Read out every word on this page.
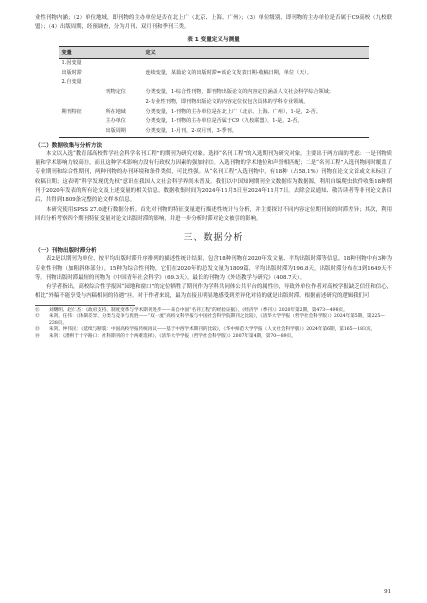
业性刊物内涵；（2）单位地域，即刊物的主办单位是否在北上广（北京、上海、广州）；（3）单位级别，即刊物的主办单位是否属于C9高校（九校联盟）；（4）出版周期，经预调查，分为月刊、双月刊和季刊三类。

表 1 变量定义与测量
变量		定义
1.因变量		
出版时滞		连续变量，某篇论文的出版时滞=该论文发表日期-收稿日期，单位（天）。
2.自变量		
	刊物定位	分类变量，1-综合性刊物，即刊物出版论文的内容定位涵盖人文社会科学综合领域；
		2-专业性刊物，即刊物出版论文的内容定位仅包含具体的学科专业领域。
期刊特征	所在地域	分类变量，1-刊物的主办单位是在北上广（北京、上海、广州），1-是，2-否。
	主办单位	分类变量，1-刊物的主办单位是否属于C9（九校联盟），1-是，2-否。
	出版周期	分类变量，1-月刊，2-双月刊，3-季刊。
（二）数据收集与分析方法

本文以入选“教育部高校哲学社会科学名刊工程”的期刊为研究对象。选择“名刊工程”的入选期刊为研究对象，主要出于两方面的考虑：一是刊物质量和学术影响力较高⑪，而且这种学术影响力没有行政权力因素的强加持⑫。入选刊物的学术地位和声誉相匹配；二是“名刊工程”入选刊物同时覆盖了专业期刊和综合性期刊，两种刊物的办刊环境和条件类似，可比性强。从“名刊工程”入选刊物中，有18种（占58.1%）刊物在论文文首或文末标注了收稿日期；这表明“科学发现优先权”意识在我国人文社会科学界尚未普及。我们以中国知网期刊全文数据库为数据源，利用自编爬虫软件收集18种期刊于2020年发表的所有论文及上述变量的相关信息。数据收集时间为2024年11月5日至2024年11月7日。去除会议通知、敬告读者等非刊论文条目后，共得到1809条完整的论文样本信息。

本研究使用SPSS 27.0进行数据分析。首先对刊物的特征变量进行描述性统计与分析，并主要探讨不同内容定位期刊间的时滞差异；其次，利用回归分析考察四个期刊特征变量对论文出版时滞的影响，并进一步分析时滞对论文被引的影响。

三、数据分析
（一）刊物出版时滞分析

表2是以期刊为单位、按平均出版时滞升序排列的描述性统计结果，包含18种刊物在2020年发文量、平均出版时滞等信息。18种刊物中有3种为专业性刊物（加粗斜体部分），15种为综合性刊物，它们在2020年的总发文量为1809篇，平均出版时滞为196.8天，出版时滞分布在3到1649天不等。刊物出版时滞最短的刊物为《中国青年社会科学》（69.3天），最长的刊物为《外语教学与研究》（408.7天）。

有学者指出，高校综合性学报因“园地和窗口”的定位牺牲了期刊作为学科共同体公共平台的属性⑬，导致外单位作者对高校学报缺乏信任和信心，相比“外稿不能享受与内稿相同的待遇”⑭。对于作者来说，最为直接且明显地感受到差异化对待的就是出版时滞。根据前述研究的逻辑我们可

⑪	刘曙明、赵仁杰：《政府支持、制度变革与学术期刊进步——来自中国“名刊工程”的经验证据》，《经济学（季刊）》2020年第2期，第473—498页。
⑫	朱剑、任伟：《体制差异、分类与竞争与优胜——“双一流”高校文科学报与中国社会科学院期刊之比较》，《清华大学学报（哲学社会科学版）》2024年第5期，第225—238页。
⑬	朱剑、仲伟民：《延续与断裂：中国高校学报传统再议——基于中西学术期刊的比较》，《华中师范大学学报（人文社会科学版）》2024年第6期，第165—183页。
⑭	朱剑：《潜则于十字路口：社科期刊的十个两难选择》，《清华大学学报（哲学社会科学版）》2007年第4期，第70—89页。
91
